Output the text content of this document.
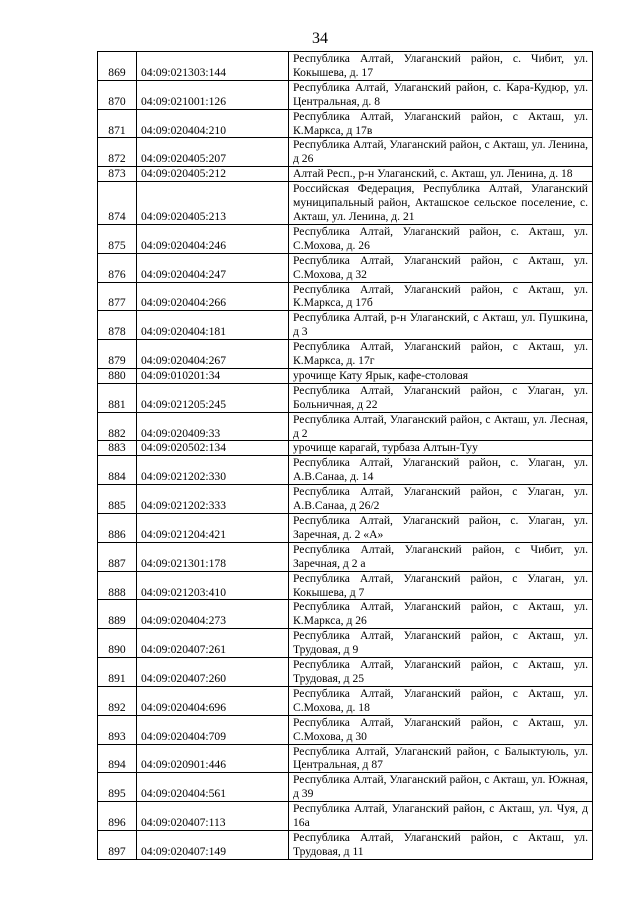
34
869	04:09:021303:144	Республика Алтай, Улаганский район, с. Чибит, ул. Кокышева, д. 17
870	04:09:021001:126	Республика Алтай, Улаганский район, с. Кара-Кудюр, ул. Центральная, д. 8
871	04:09:020404:210	Республика Алтай, Улаганский район, с Акташ, ул. К.Маркса, д 17в
872	04:09:020405:207	Республика Алтай, Улаганский район, с Акташ, ул. Ленина, д 26
873	04:09:020405:212	Алтай Респ., р-н Улаганский, с. Акташ, ул. Ленина, д. 18
874	04:09:020405:213	Российская Федерация, Республика Алтай, Улаганский муниципальный район, Акташское сельское поселение, с. Акташ, ул. Ленина, д. 21
875	04:09:020404:246	Республика Алтай, Улаганский район, с. Акташ, ул. С.Мохова, д. 26
876	04:09:020404:247	Республика Алтай, Улаганский район, с Акташ, ул. С.Мохова, д 32
877	04:09:020404:266	Республика Алтай, Улаганский район, с Акташ, ул. К.Маркса, д 17б
878	04:09:020404:181	Республика Алтай, р-н Улаганский, с Акташ, ул. Пушкина, д 3
879	04:09:020404:267	Республика Алтай, Улаганский район, с Акташ, ул. К.Маркса, д. 17г
880	04:09:010201:34	урочище Кату Ярык, кафе-столовая
881	04:09:021205:245	Республика Алтай, Улаганский район, с Улаган, ул. Больничная, д 22
882	04:09:020409:33	Республика Алтай, Улаганский район, с Акташ, ул. Лесная, д 2
883	04:09:020502:134	урочище карагай, турбаза Алтын-Туу
884	04:09:021202:330	Республика Алтай, Улаганский район, с. Улаган, ул. А.В.Санаа, д. 14
885	04:09:021202:333	Республика Алтай, Улаганский район, с Улаган, ул. А.В.Санаа, д 26/2
886	04:09:021204:421	Республика Алтай, Улаганский район, с. Улаган, ул. Заречная, д. 2 «А»
887	04:09:021301:178	Республика Алтай, Улаганский район, с Чибит, ул. Заречная, д 2 а
888	04:09:021203:410	Республика Алтай, Улаганский район, с Улаган, ул. Кокышева, д 7
889	04:09:020404:273	Республика Алтай, Улаганский район, с Акташ, ул. К.Маркса, д 26
890	04:09:020407:261	Республика Алтай, Улаганский район, с Акташ, ул. Трудовая, д 9
891	04:09:020407:260	Республика Алтай, Улаганский район, с Акташ, ул. Трудовая, д 25
892	04:09:020404:696	Республика Алтай, Улаганский район, с Акташ, ул. С.Мохова, д. 18
893	04:09:020404:709	Республика Алтай, Улаганский район, с Акташ, ул. С.Мохова, д 30
894	04:09:020901:446	Республика Алтай, Улаганский район, с Балыктуюль, ул. Центральная, д 87
895	04:09:020404:561	Республика Алтай, Улаганский район, с Акташ, ул. Южная, д 39
896	04:09:020407:113	Республика Алтай, Улаганский район, с Акташ, ул. Чуя, д 16а
897	04:09:020407:149	Республика Алтай, Улаганский район, с Акташ, ул. Трудовая, д 11
